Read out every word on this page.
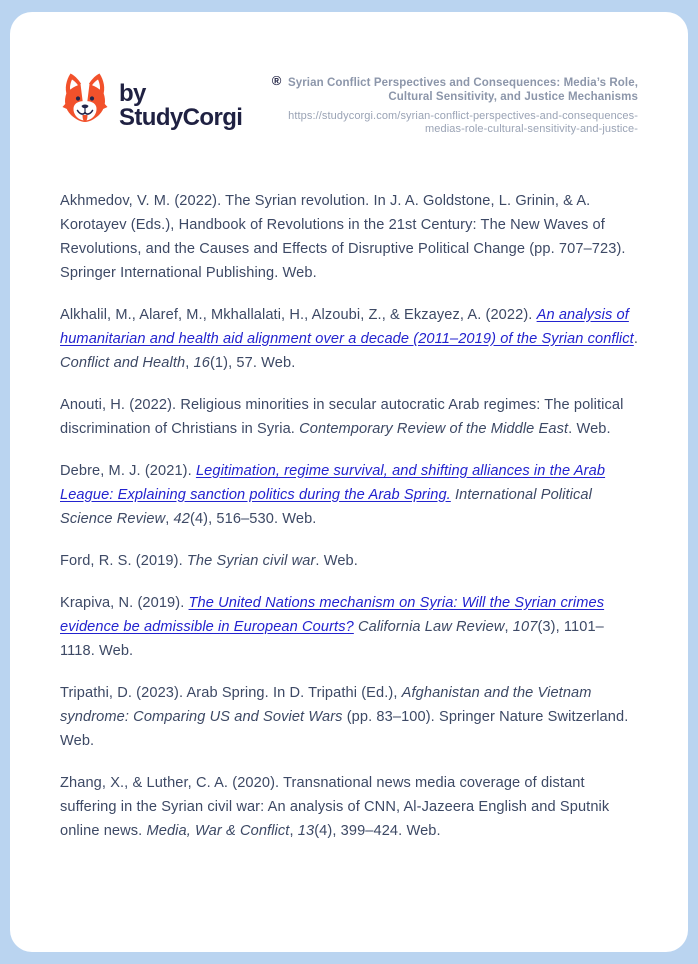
by StudyCorgi
® Syrian Conflict Perspectives and Consequences: Media’s Role, Cultural Sensitivity, and Justice Mechanisms
https://studycorgi.com/syrian-conflict-perspectives-and-consequences-medias-role-cultural-sensitivity-and-justice-

Akhmedov, V. M. (2022). The Syrian revolution. In J. A. Goldstone, L. Grinin, & A. Korotayev (Eds.), Handbook of Revolutions in the 21st Century: The New Waves of Revolutions, and the Causes and Effects of Disruptive Political Change (pp. 707–723). Springer International Publishing. Web.

Alkhalil, M., Alaref, M., Mkhallalati, H., Alzoubi, Z., & Ekzayez, A. (2022). An analysis of humanitarian and health aid alignment over a decade (2011–2019) of the Syrian conflict. Conflict and Health, 16(1), 57. Web.

Anouti, H. (2022). Religious minorities in secular autocratic Arab regimes: The political discrimination of Christians in Syria. Contemporary Review of the Middle East. Web.

Debre, M. J. (2021). Legitimation, regime survival, and shifting alliances in the Arab League: Explaining sanction politics during the Arab Spring. International Political Science Review, 42(4), 516–530. Web.

Ford, R. S. (2019). The Syrian civil war. Web.

Krapiva, N. (2019). The United Nations mechanism on Syria: Will the Syrian crimes evidence be admissible in European Courts? California Law Review, 107(3), 1101–1118. Web.

Tripathi, D. (2023). Arab Spring. In D. Tripathi (Ed.), Afghanistan and the Vietnam syndrome: Comparing US and Soviet Wars (pp. 83–100). Springer Nature Switzerland. Web.

Zhang, X., & Luther, C. A. (2020). Transnational news media coverage of distant suffering in the Syrian civil war: An analysis of CNN, Al-Jazeera English and Sputnik online news. Media, War & Conflict, 13(4), 399–424. Web.
